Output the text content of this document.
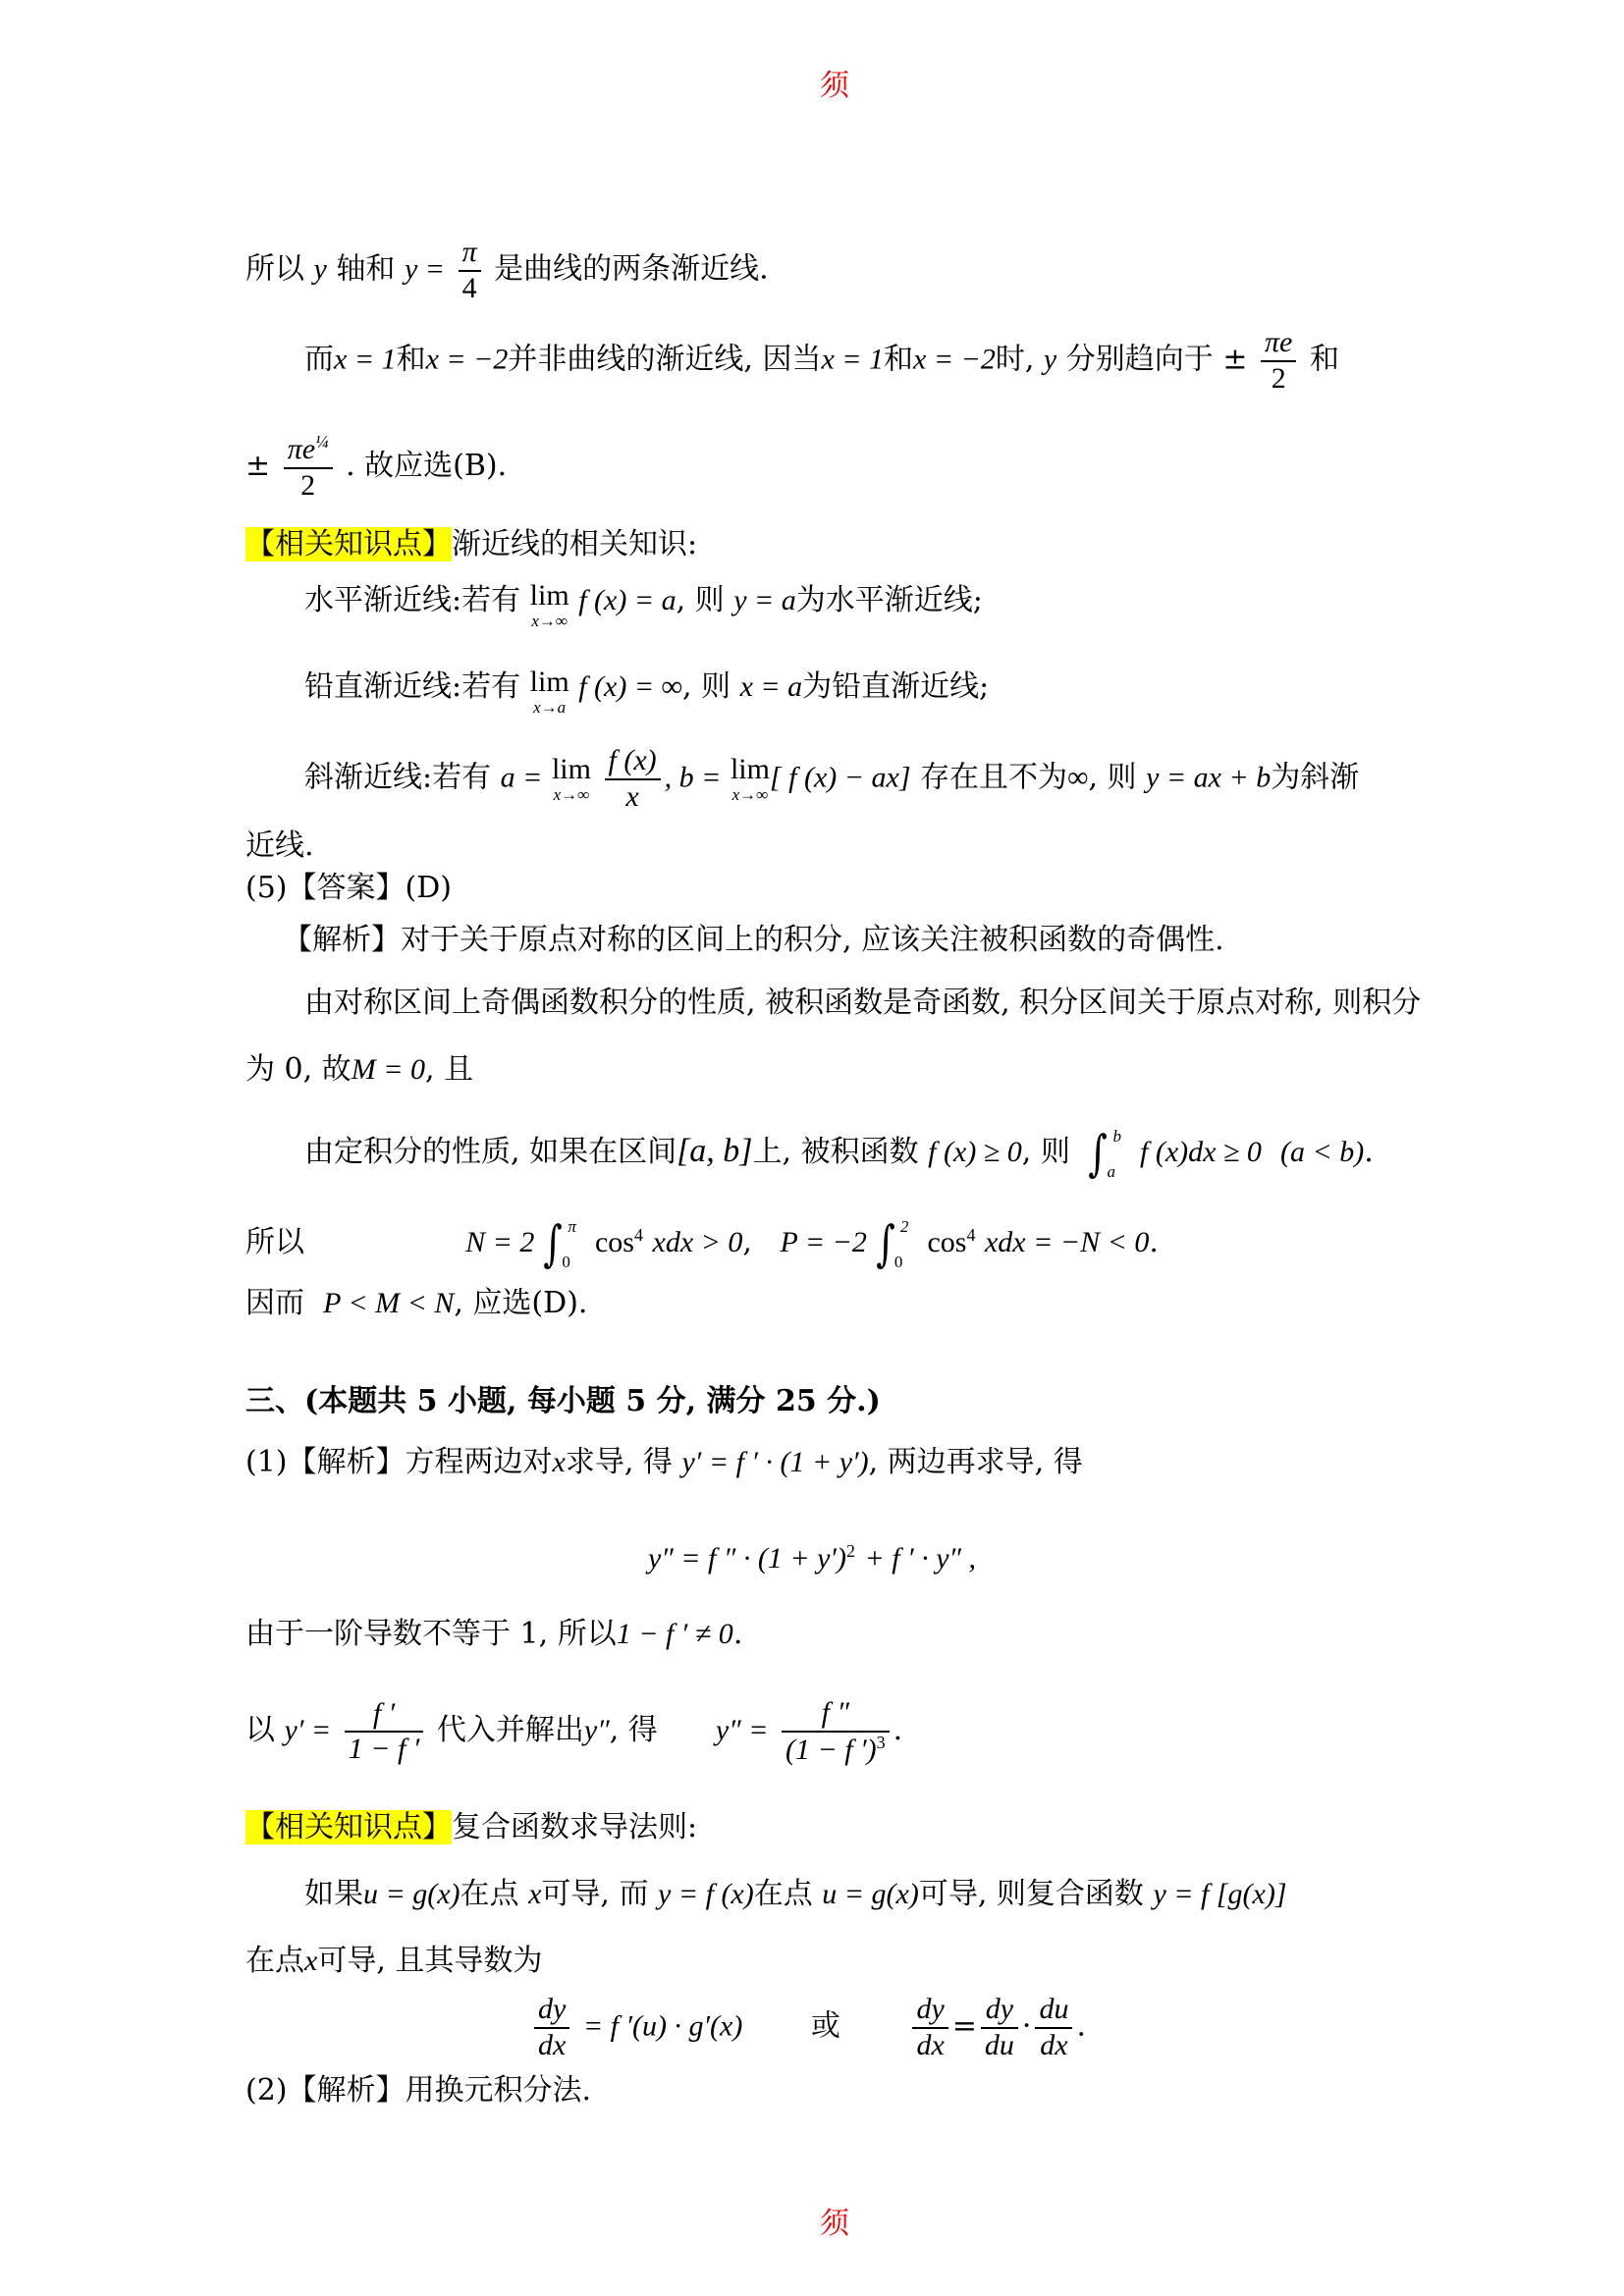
须
须
所以 y 轴和 $y = \frac{\pi}{4}$ 是曲线的两条渐近线.
而x = 1和x = −2并非曲线的渐近线, 因当x = 1和x = −2时, y 分别趋向于 ± $\frac{\pi e}{2}$ 和
± $\frac{\pi e^{\frac{1}{4}}}{2}$ . 故应选(B).
【相关知识点】渐近线的相关知识:
水平渐近线:若有 lim
x→∞
f (x) = a, 则 y = a为水平渐近线;
铅直渐近线:若有 lim
x→a
f (x) = ∞, 则 x = a为铅直渐近线;
斜渐近线:若有 a = lim
x→∞
$\frac{f (x)}{x}$ , b = lim
x→∞
[ f (x) − ax] 存在且不为∞, 则 y = ax + b为斜渐
近线.
(5)【答案】(D)
【解析】对于关于原点对称的区间上的积分, 应该关注被积函数的奇偶性.
由对称区间上奇偶函数积分的性质, 被积函数是奇函数, 积分区间关于原点对称, 则积分
为 0, 故M = 0, 且
由定积分的性质, 如果在区间[a, b]上, 被积函数 f (x) ≥ 0, 则 ∫ b
a
f (x)dx ≥ 0 (a < b).
所以	N = 2 ∫ π
0
$\cos^4$ xdx > 0, P = −2 ∫ 2
0
$\cos^4$ xdx = −N < 0.
因而 P < M < N, 应选(D).
三、(本题共 5 小题, 每小题 5 分, 满分 25 分.)
(1)【解析】方程两边对x求导, 得 y′ = f ′ · (1 + y′), 两边再求导, 得
y″ = f ″ · $(1 + y')^2 + f$ ′ · y″ ,
由于一阶导数不等于 1, 所以1 − f ′ ≠ 0.
以 $y' = \frac{f '}{1 - f '}$ 代入并解出y″, 得 $y'' = \frac{f ''}{(1 - f ')^3}$ .
【相关知识点】复合函数求导法则:
如果u = g(x)在点 x可导, 而 y = f (x)在点 u = g(x)可导, 则复合函数 y = f [g(x)]
在点x可导, 且其导数为
$\frac{dy}{dx} = f$ ′(u) · g′(x) 或 $\frac{dy}{dx} = \frac{dy}{du} \cdot \frac{du}{dx}$ .
(2)【解析】用换元积分法.
